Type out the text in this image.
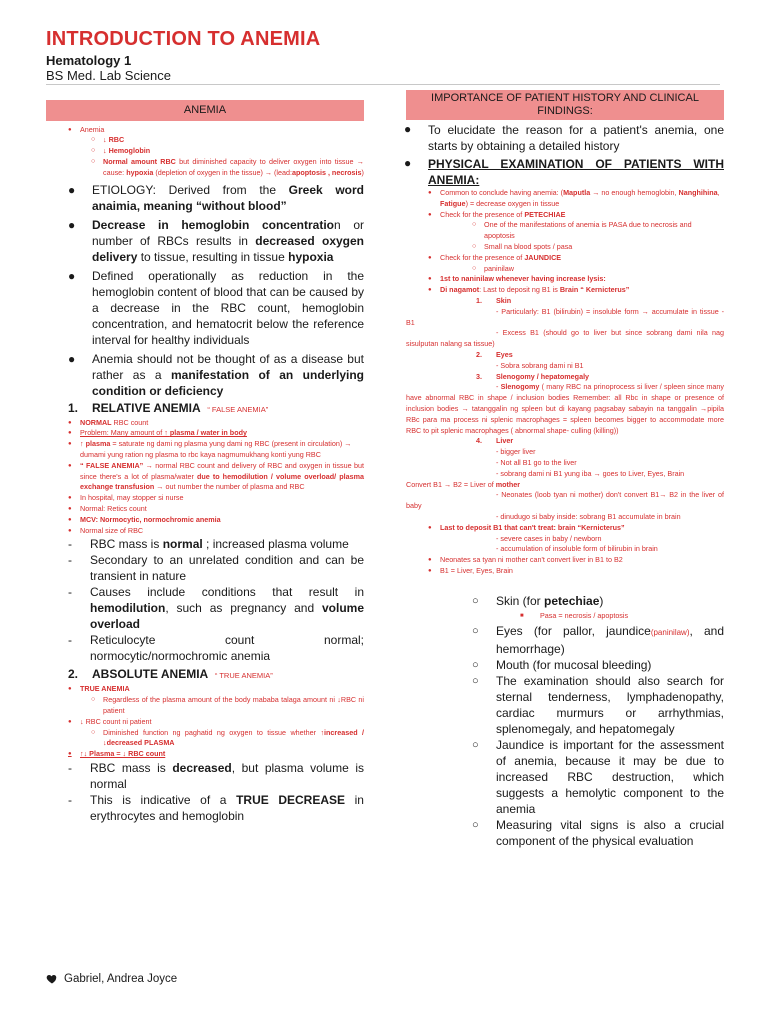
INTRODUCTION TO ANEMIA
Hematology 1
BS Med. Lab Science
ANEMIA
●	Anemia
○	↓ RBC
○	↓ Hemoglobin
○	Normal amount RBC but diminished capacity to deliver oxygen into tissue → cause: hypoxia (depletion of oxygen in the tissue) → (lead:apoptosis , necrosis)
●	ETIOLOGY: Derived from the Greek word anaimia, meaning “without blood”
●	Decrease in hemoglobin concentration or number of RBCs results in decreased oxygen delivery to tissue, resulting in tissue hypoxia
●	Defined operationally as reduction in the hemoglobin content of blood that can be caused by a decrease in the RBC count, hemoglobin concentration, and hematocrit below the reference interval for healthy individuals
●	Anemia should not be thought of as a disease but rather as a manifestation of an underlying condition or deficiency
1.	RELATIVE ANEMIA “ FALSE ANEMIA”
●	NORMAL RBC count
●	Problem: Many amount of ↑ plasma / water in body
●	↑ plasma = saturate ng dami ng plasma yung dami ng RBC (present in circulation) → dumami yung ration ng plasma to rbc kaya nagmumukhang konti yung RBC
●	“ FALSE ANEMIA” → normal RBC count and delivery of RBC and oxygen in tissue but since there's a lot of plasma/water due to hemodilution / volume overload/ plasma exchange transfusion → out number the number of plasma and RBC
●	In hospital, may stopper si nurse
●	Normal: Retics count
●	MCV: Normocytic, normochromic anemia
●	Normal size of RBC
-	RBC mass is normal ; increased plasma volume
-	Secondary to an unrelated condition and can be transient in nature
-	Causes include conditions that result in hemodilution, such as pregnancy and volume overload
-	Reticulocyte count normal; normocytic/normochromic anemia
2.	ABSOLUTE ANEMIA “ TRUE ANEMIA”
●	TRUE ANEMIA
○	Regardless of the plasma amount of the body mababa talaga amount ni ↓RBC ni patient
●	↓ RBC count ni patient
○	Diminished function ng paghatid ng oxygen to tissue whether ↑increased / ↓decreased PLASMA
●	↑↓ Plasma = ↓ RBC count
-	RBC mass is decreased, but plasma volume is normal
-	This is indicative of a TRUE DECREASE in erythrocytes and hemoglobin
IMPORTANCE OF PATIENT HISTORY AND CLINICAL FINDINGS:
●	To elucidate the reason for a patient's anemia, one starts by obtaining a detailed history
●	PHYSICAL EXAMINATION OF PATIENTS WITH ANEMIA:
●	Common to conclude having anemia: (Maputla → no enough hemoglobin, Nanghihina, Fatigue) = decrease oxygen in tissue
●	Check for the presence of PETECHIAE
○	One of the manifestations of anemia is PASA due to necrosis and apoptosis
○	Small na blood spots / pasa
●	Check for the presence of JAUNDICE
○	paninilaw
●	1st to naninilaw whenever having increase lysis:
●	Di nagamot: Last to deposit ng B1 is Brain “ Kernicterus”
1.	Skin
- Particularly: B1 (bilirubin) = insoluble form → accumulate in tissue - B1
- Excess B1 (should go to liver but since sobrang dami nila nag sisulputan nalang sa tissue)
2.	Eyes
- Sobra sobrang dami ni B1
3.	Slenogomy / hepatomegaly
- Slenogomy ( many RBC na prinoprocess si liver / spleen since many have abnormal RBC in shape / inclusion bodies Remember: all Rbc in shape or presence of inclusion bodies → tatanggalin ng spleen but di kayang pagsabay sabayin na tanggalin →pipila RBc para ma process ni splenic macrophages = spleen becomes bigger to accommodate more RBC to pit splenic macrophages ( abnormal shape- culling (killing))
4.	Liver
- bigger liver
- Not all B1 go to the liver
- sobrang dami ni B1 yung iba → goes to Liver, Eyes, Brain
Convert B1 → B2 = Liver of mother
- Neonates (loob tyan ni mother) don't convert B1→ B2 in the liver of baby
- dinudugo si baby inside: sobrang B1 accumulate in brain
●	Last to deposit B1 that can't treat: brain “Kernicterus”
- severe cases in baby / newborn
- accumulation of insoluble form of bilirubin in brain
●	Neonates sa tyan ni mother can't convert liver in B1 to B2
●	B1 = Liver, Eyes, Brain
○	Skin (for petechiae)
■	Pasa = necrosis / apoptosis
○	Eyes (for pallor, jaundice(paninilaw), and hemorrhage)
○	Mouth (for mucosal bleeding)
○	The examination should also search for sternal tenderness, lymphadenopathy, cardiac murmurs or arrhythmias, splenomegaly, and hepatomegaly
○	Jaundice is important for the assessment of anemia, because it may be due to increased RBC destruction, which suggests a hemolytic component to the anemia
○	Measuring vital signs is also a crucial component of the physical evaluation
Gabriel, Andrea Joyce
